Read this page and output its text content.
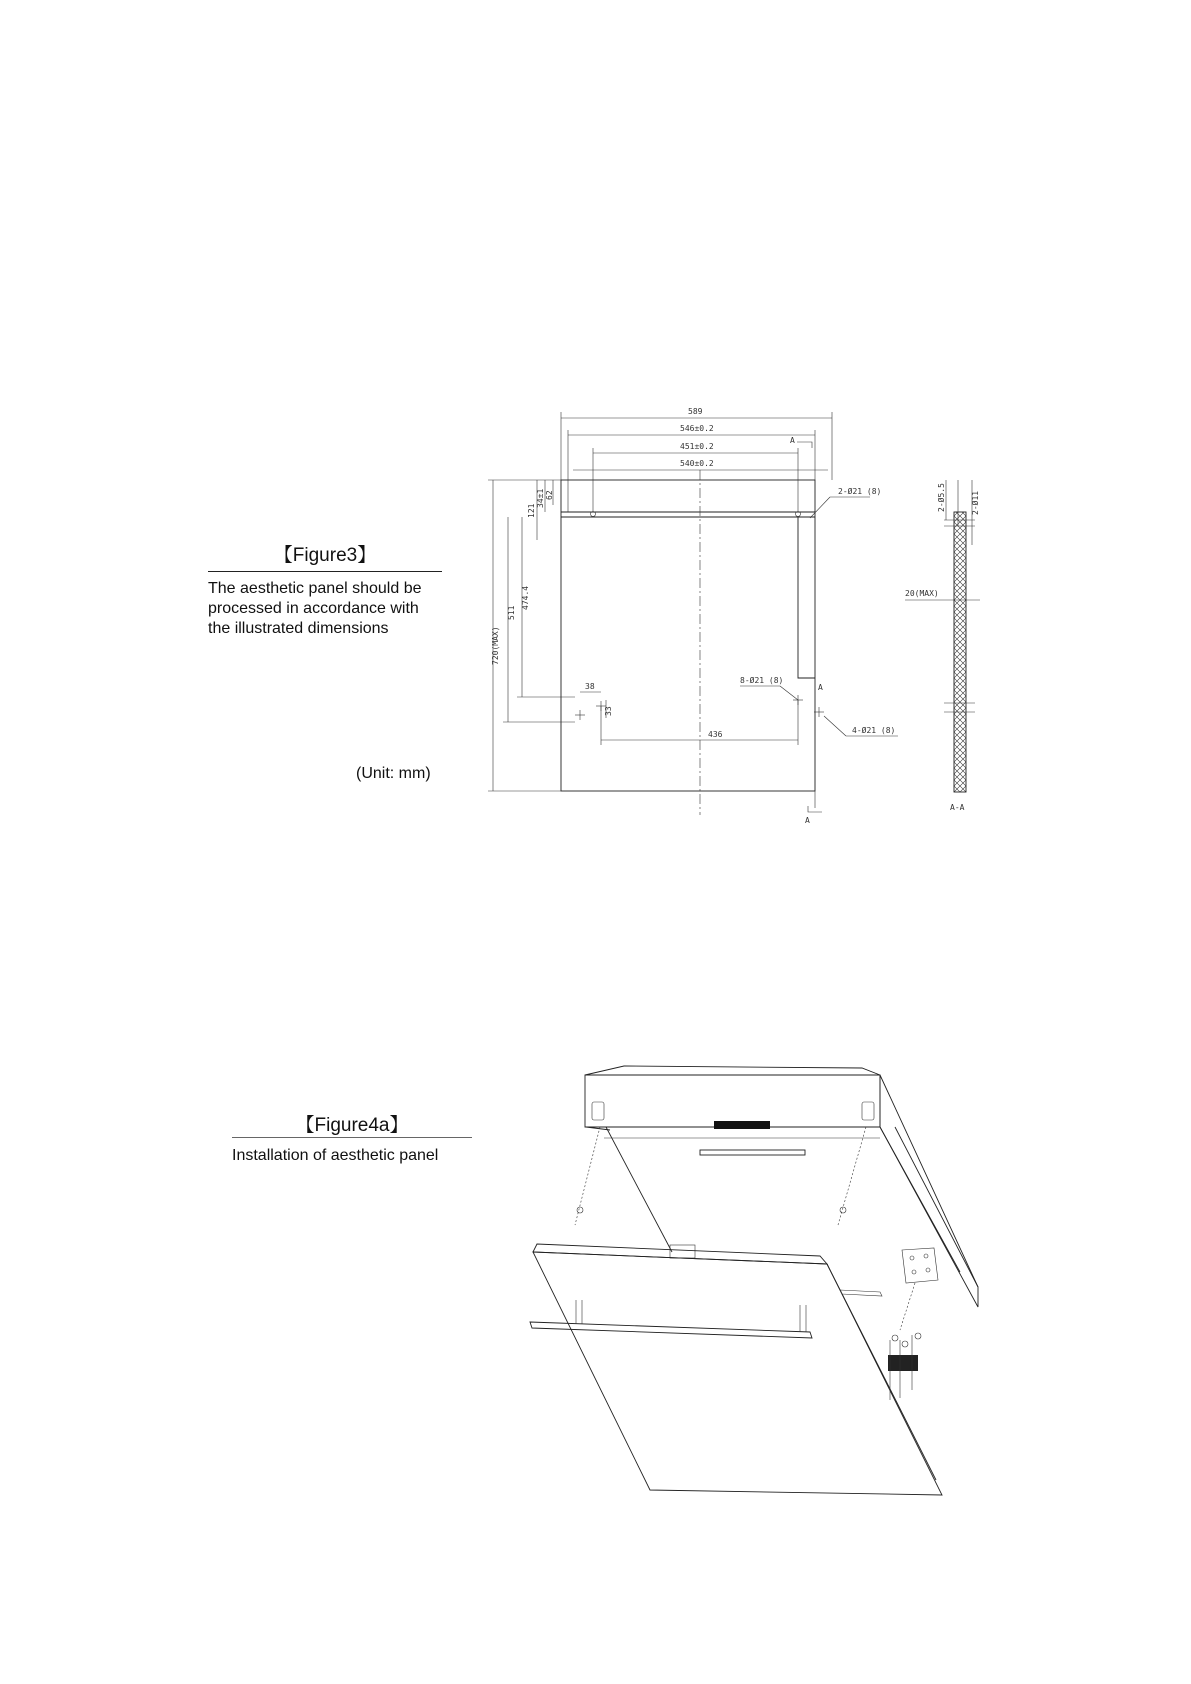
【Figure3】
The aesthetic panel should be
processed in accordance with
the illustrated dimensions
(Unit: mm)
【Figure4a】
Installation of aesthetic panel
589
546±0.2
451±0.2
540±0.2
A
2-Ø21 (8)
8-Ø21 (8)
4-Ø21 (8)
720(MAX)
511
474.4
121
34±1 62
38
33
436
A
A
2-Ø5.5	2-Ø11
20(MAX)
A-A
